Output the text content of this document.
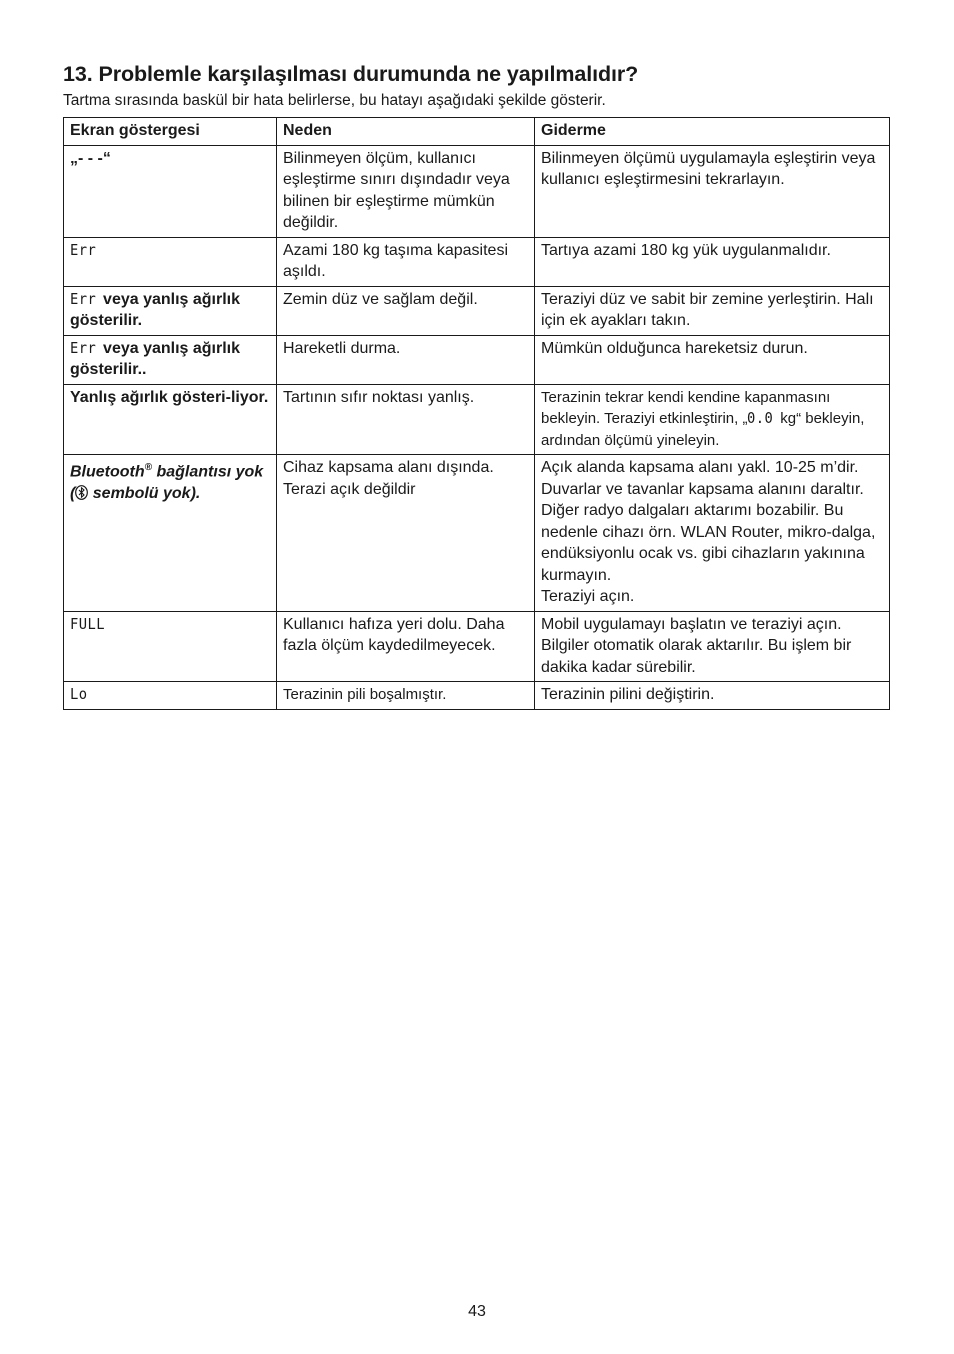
13. Problemle karşılaşılması durumunda ne yapılmalıdır?

Tartma sırasında baskül bir hata belirlerse, bu hatayı aşağıdaki şekilde gösterir.

Ekran göstergesi	Neden	Giderme
„- - -“	Bilinmeyen ölçüm, kullanıcı eşleştirme sınırı dışındadır veya bilinen bir eşleştirme mümkün değildir.	Bilinmeyen ölçümü uygulamayla eşleştirin veya kullanıcı eşleştirmesini tekrarlayın.
Err	Azami 180 kg taşıma kapasitesi aşıldı.	Tartıya azami 180 kg yük uygulanmalıdır.
Err veya yanlış ağırlık gösterilir.	Zemin düz ve sağlam değil.	Teraziyi düz ve sabit bir zemine yerleştirin. Halı için ek ayakları takın.
Err veya yanlış ağırlık gösterilir..	Hareketli durma.	Mümkün olduğunca hareketsiz durun.
Yanlış ağırlık gösteri-liyor.	Tartının sıfır noktası yanlış.	Terazinin tekrar kendi kendine kapanmasını bekleyin. Teraziyi etkinleştirin, „0.0 kg“ bekleyin, ardından ölçümü yineleyin.
Bluetooth® bağlantısı yok ( sembolü yok).	Cihaz kapsama alanı dışında. Terazi açık değildir	Açık alanda kapsama alanı yakl. 10-25 m’dir. Duvarlar ve tavanlar kapsama alanını daraltır. Diğer radyo dalgaları aktarımı bozabilir. Bu nedenle cihazı örn. WLAN Router, mikro-dalga, endüksiyonlu ocak vs. gibi cihazların yakınına kurmayın.
Teraziyi açın.
FULL	Kullanıcı hafıza yeri dolu. Daha fazla ölçüm kaydedilmeyecek.	Mobil uygulamayı başlatın ve teraziyi açın. Bilgiler otomatik olarak aktarılır. Bu işlem bir dakika kadar sürebilir.
Lo	Terazinin pili boşalmıştır.	Terazinin pilini değiştirin.
43
